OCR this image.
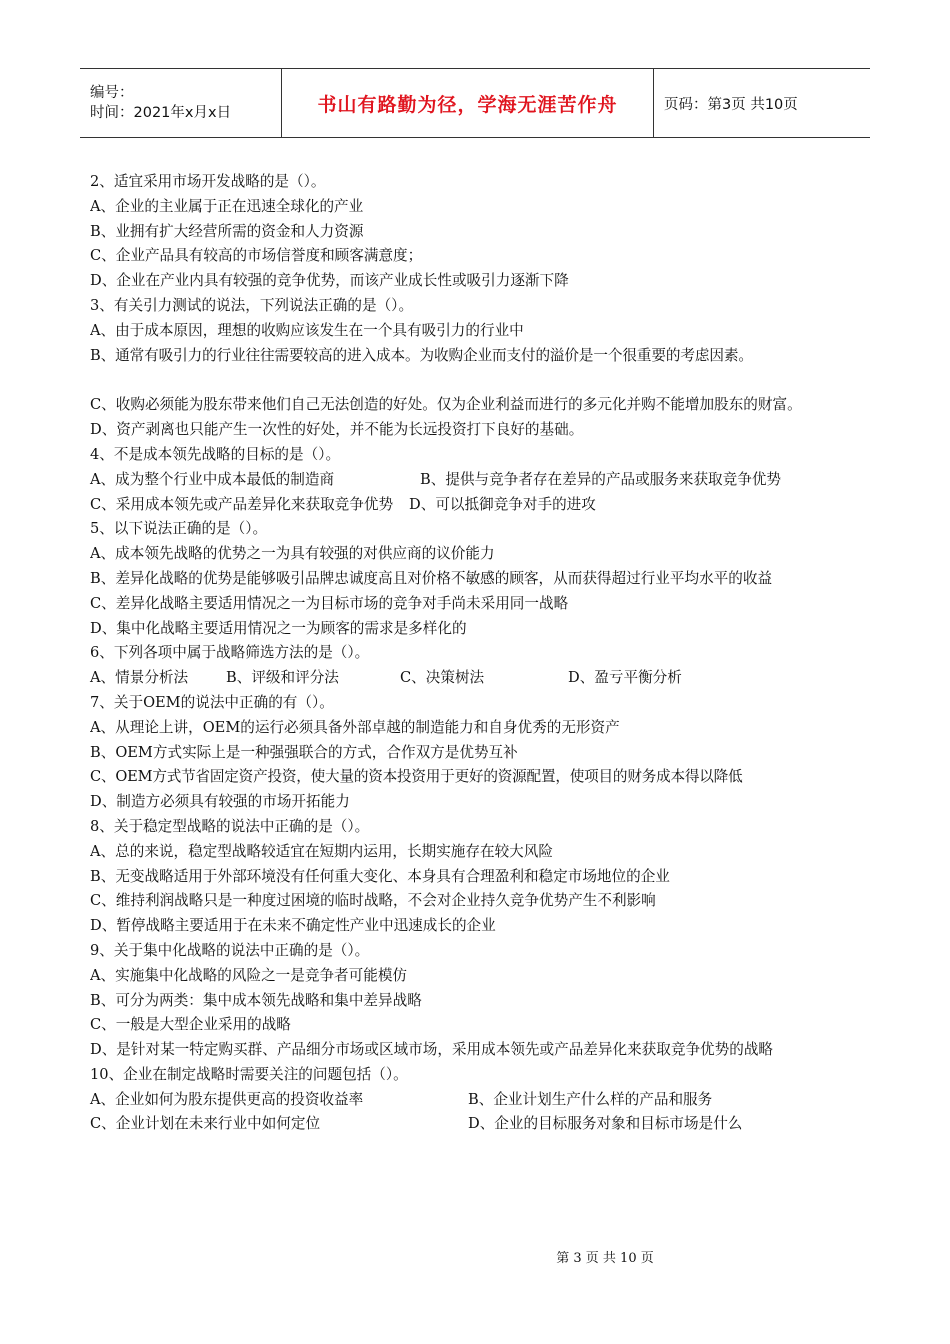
编号：
时间：2021年x月x日	书山有路勤为径，学海无涯苦作舟	页码：第3页 共10页
2、适宜采用市场开发战略的是（）。
A、企业的主业属于正在迅速全球化的产业
B、业拥有扩大经营所需的资金和人力资源
C、企业产品具有较高的市场信誉度和顾客满意度；
D、企业在产业内具有较强的竞争优势，而该产业成长性或吸引力逐渐下降
3、有关引力测试的说法，下列说法正确的是（）。
A、由于成本原因，理想的收购应该发生在一个具有吸引力的行业中
B、通常有吸引力的行业往往需要较高的进入成本。为收购企业而支付的溢价是一个很重要的考虑因素。
C、收购必须能为股东带来他们自己无法创造的好处。仅为企业利益而进行的多元化并购不能增加股东的财富。
D、资产剥离也只能产生一次性的好处，并不能为长远投资打下良好的基础。
4、不是成本领先战略的目标的是（）。
A、成为整个行业中成本最低的制造商	B、提供与竞争者存在差异的产品或服务来获取竞争优势
C、采用成本领先或产品差异化来获取竞争优势 D、可以抵御竞争对手的进攻
5、以下说法正确的是（）。
A、成本领先战略的优势之一为具有较强的对供应商的议价能力
B、差异化战略的优势是能够吸引品牌忠诚度高且对价格不敏感的顾客，从而获得超过行业平均水平的收益
C、差异化战略主要适用情况之一为目标市场的竞争对手尚未采用同一战略
D、集中化战略主要适用情况之一为顾客的需求是多样化的
6、下列各项中属于战略筛选方法的是（）。
A、情景分析法	B、评级和评分法	C、决策树法	D、盈亏平衡分析
7、关于OEM的说法中正确的有（）。
A、从理论上讲，OEM的运行必须具备外部卓越的制造能力和自身优秀的无形资产
B、OEM方式实际上是一种强强联合的方式，合作双方是优势互补
C、OEM方式节省固定资产投资，使大量的资本投资用于更好的资源配置，使项目的财务成本得以降低
D、制造方必须具有较强的市场开拓能力
8、关于稳定型战略的说法中正确的是（）。
A、总的来说，稳定型战略较适宜在短期内运用，长期实施存在较大风险
B、无变战略适用于外部环境没有任何重大变化、本身具有合理盈利和稳定市场地位的企业
C、维持利润战略只是一种度过困境的临时战略，不会对企业持久竞争优势产生不利影响
D、暂停战略主要适用于在未来不确定性产业中迅速成长的企业
9、关于集中化战略的说法中正确的是（）。
A、实施集中化战略的风险之一是竞争者可能模仿
B、可分为两类：集中成本领先战略和集中差异战略
C、一般是大型企业采用的战略
D、是针对某一特定购买群、产品细分市场或区域市场，采用成本领先或产品差异化来获取竞争优势的战略
10、企业在制定战略时需要关注的问题包括（）。
A、企业如何为股东提供更高的投资收益率	B、企业计划生产什么样的产品和服务
C、企业计划在未来行业中如何定位	D、企业的目标服务对象和目标市场是什么
第 3 页 共 10 页
